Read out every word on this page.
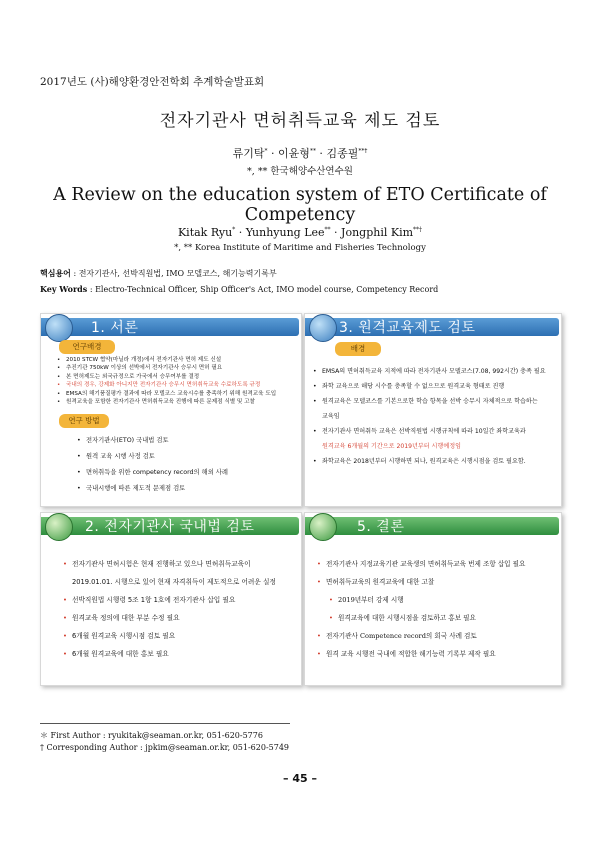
2017년도 (사)해양환경안전학회 추계학술발표회
전자기관사 면허취득교육 제도 검토
류기탁* · 이윤형** · 김종필**†
*, ** 한국해양수산연수원
A Review on the education system of ETO Certificate of Competency
Kitak Ryu* · Yunhyung Lee** · Jongphil Kim**†
*, ** Korea Institute of Maritime and Fisheries Technology
핵심용어 : 전자기관사, 선박직원법, IMO 모델코스, 해기능력기록부
Key Words : Electro-Technical Officer, Ship Officer's Act, IMO model course, Competency Record
1. 서론
연구배경
• 2010 STCW 협약(마닐라 개정)에서 전자기관사 면허 제도 신설
• 추진기관 750kW 이상의 선박에서 전자기관사 승무시 면허 필요
• 본 면허제도는 외국규정으로 가국에서 승무여부를 결정
• 국내의 경우, 강제화 아니지만 전자기관사 승무시 면허취득교육 수료하도록 규정
• EMSA의 해기품질평가 결과에 따라 모델코스 교육시수를 충족하기 위해 원격교육 도입
• 원격교육을 포함한 전자기관사 면허취득교육 진행에 따른 문제점 식별 및 고찰
연구 방법
• 전자기관사(ETO) 국내법 검토
• 원격 교육 시행 사정 검토
• 면허취득을 위한 competency record의 해외 사례
• 국내시행에 따른 제도적 문제점 검토
3. 원격교육제도 검토
배경
• EMSA의 면허취득교육 지적에 따라 전자기관사 모델코스(7.08, 992시간) 충족 필요
• 좌학 교육으로 해당 시수를 충족할 수 없으므로 원격교육 형태로 진행
• 원격교육은 모델코스를 기본으로한 학습 항목을 선박 승무시 자체적으로 학습하는
교육임
• 전자기관사 면허취득 교육은 선박직원법 시행규칙에 따라 10일간 좌학교육과
원격교육 6개월의 기간으로 2019년부터 시행예정임
• 좌학교육은 2018년부터 시행하면 되나, 원격교육은 시행시점을 검토 필요함.
2. 전자기관사 국내법 검토
• 전자기관사 면허시험은 현재 진행하고 있으나 면허취득교육이
2019.01.01. 시행으로 있어 현재 자격취득이 제도적으로 어려운 실정
• 선박직원법 시행령 5조 1항 1호에 전자기관사 삽입 필요
• 원격교육 정의에 대한 부분 수정 필요
• 6개월 원격교육 시행시점 검토 필요
• 6개월 원격교육에 대한 홍보 필요
5. 결론
• 전자기관사 지정교육기관 교육생의 면허취득교육 번제 조항 삽입 필요
• 면허취득교육의 원격교육에 대한 고찰
• 2019년부터 강제 시행
• 원격교육에 대한 시행시점을 검토하고 홍보 필요
• 전자기관사 Competence record의 회국 사례 검토
• 원격 교육 시행전 국내에 적합한 해기능력 기록부 제작 필요
＊ First Author : ryukitak@seaman.or.kr, 051-620-5776
† Corresponding Author : jpkim@seaman.or.kr, 051-620-5749
– 45 –
